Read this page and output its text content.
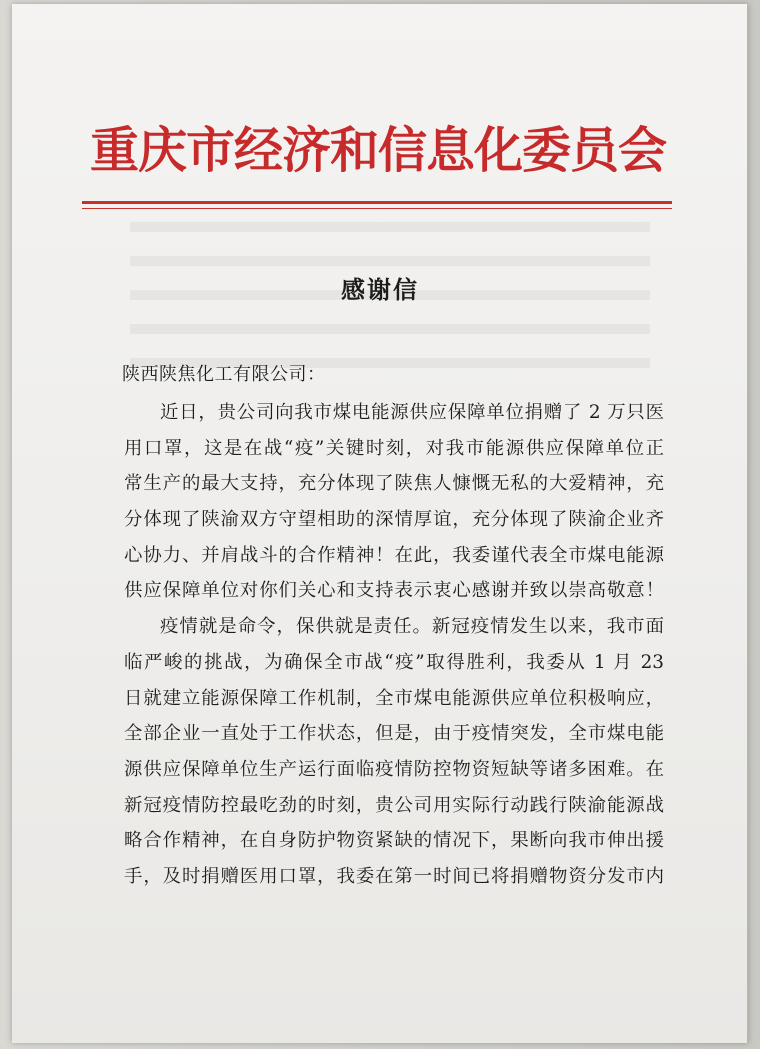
重庆市经济和信息化委员会
感谢信
陕西陕焦化工有限公司：
近日，贵公司向我市煤电能源供应保障单位捐赠了 2 万只医
用口罩，这是在战“疫”关键时刻，对我市能源供应保障单位正
常生产的最大支持，充分体现了陕焦人慷慨无私的大爱精神，充
分体现了陕渝双方守望相助的深情厚谊，充分体现了陕渝企业齐
心协力、并肩战斗的合作精神！在此，我委谨代表全市煤电能源
供应保障单位对你们关心和支持表示衷心感谢并致以崇高敬意！
疫情就是命令，保供就是责任。新冠疫情发生以来，我市面
临严峻的挑战，为确保全市战“疫”取得胜利，我委从 1 月 23
日就建立能源保障工作机制，全市煤电能源供应单位积极响应，
全部企业一直处于工作状态，但是，由于疫情突发，全市煤电能
源供应保障单位生产运行面临疫情防控物资短缺等诸多困难。在
新冠疫情防控最吃劲的时刻，贵公司用实际行动践行陕渝能源战
略合作精神，在自身防护物资紧缺的情况下，果断向我市伸出援
手，及时捐赠医用口罩，我委在第一时间已将捐赠物资分发市内
